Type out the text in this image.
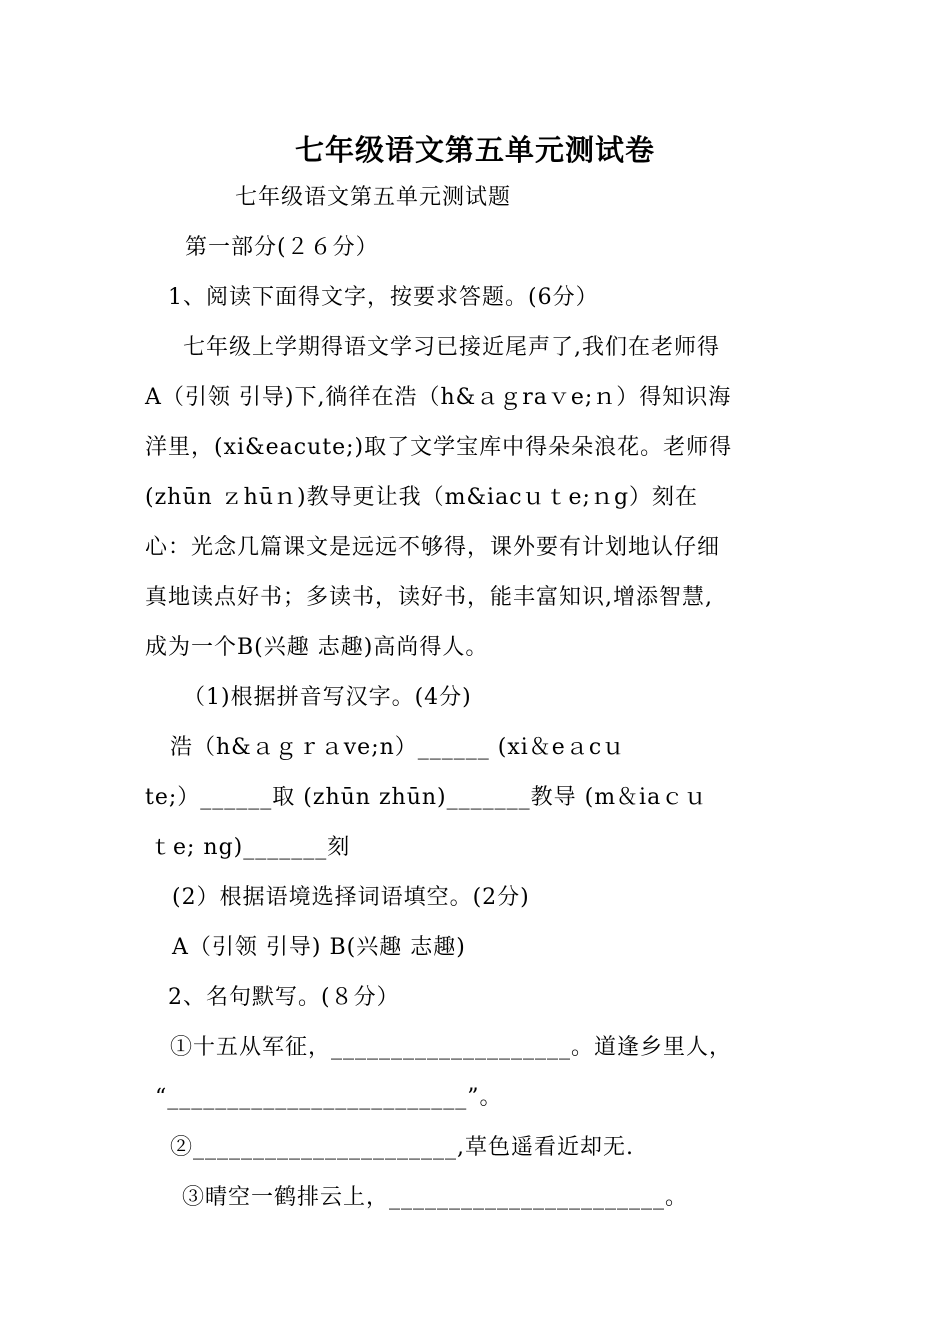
七年级语文第五单元测试卷
七年级语文第五单元测试题
第一部分(２６分）
1、阅读下面得文字，按要求答题。(6分）
七年级上学期得语文学习已接近尾声了,我们在老师得
A（引领 引导)下,徜徉在浩（h&ａｇraｖe;ｎ）得知识海
洋里，(xi&eacute;)取了文学宝库中得朵朵浪花。老师得
(zhūn ｚhūｎ)教导更让我（m&iacｕｔe;ｎg）刻在
心：光念几篇课文是远远不够得，课外要有计划地认仔细
真地读点好书；多读书，读好书，能丰富知识,增添智慧,
成为一个B(兴趣 志趣)高尚得人。
（1)根据拼音写汉字。(4分)
浩（h&ａｇｒａve;n）______ (xi＆eａcｕ
te;）______取 (zhūn zhūn)_______教导 (m＆iaｃｕ
ｔe; ng)_______刻
(2）根据语境选择词语填空。(2分)
A（引领 引导) B(兴趣 志趣)
2、名句默写。(８分）
①十五从军征，____________________。道逢乡里人，
“_________________________”。
②______________________,草色遥看近却无.
③晴空一鹤排云上，_______________________。
